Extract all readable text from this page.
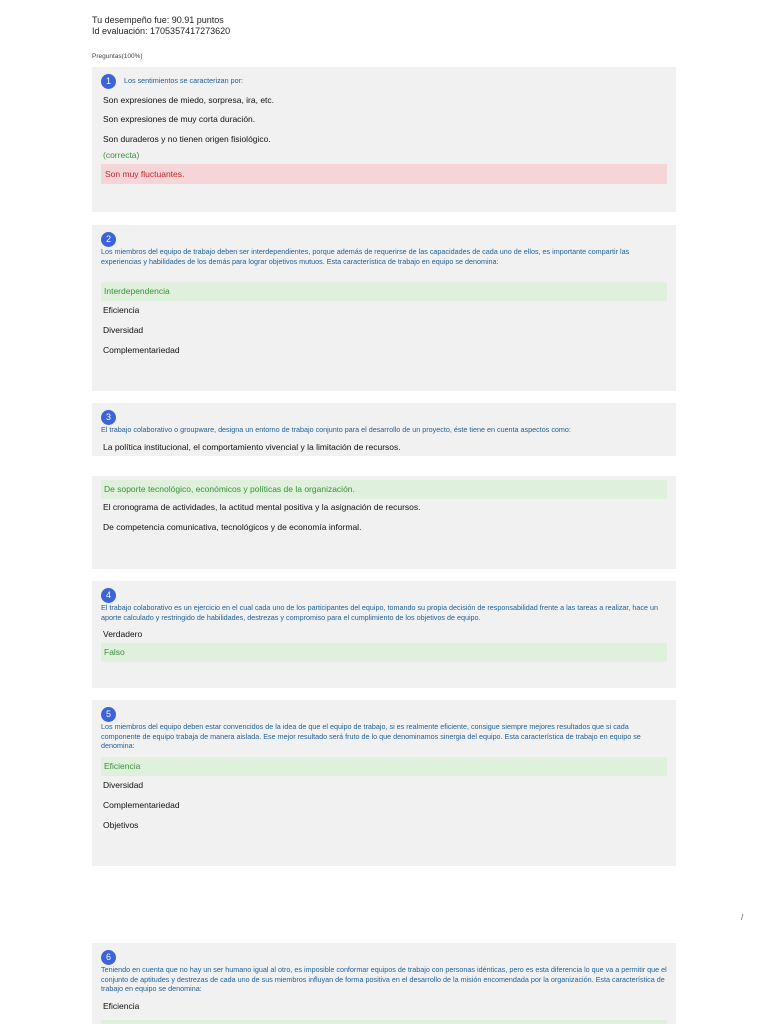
Tu desempeño fue: 90.91 puntos
Id evaluación: 1705357417273620
Preguntas(100%)
1	Los sentimientos se caracterizan por:
Son expresiones de miedo, sorpresa, ira, etc.
Son expresiones de muy corta duración.
Son duraderos y no tienen origen fisiológico.
(correcta)
Son muy fluctuantes.
2
Los miembros del equipo de trabajo deben ser interdependientes, porque además de requerirse de las capacidades de cada uno de ellos, es importante compartir las experiencias y habilidades de los demás para lograr objetivos mutuos. Esta característica de trabajo en equipo se denomina:
Interdependencia
Eficiencia
Diversidad
Complementariedad
3
El trabajo colaborativo o groupware, designa un entorno de trabajo conjunto para el desarrollo de un proyecto, éste tiene en cuenta aspectos como:
La política institucional, el comportamiento vivencial y la limitación de recursos.
De soporte tecnológico, económicos y políticas de la organización.
El cronograma de actividades, la actitud mental positiva y la asignación de recursos.
De competencia comunicativa, tecnológicos y de economía informal.
4
El trabajo colaborativo es un ejercicio en el cual cada uno de los participantes del equipo, tomando su propia decisión de responsabilidad frente a las tareas a realizar, hace un aporte calculado y restringido de habilidades, destrezas y compromiso para el cumplimiento de los objetivos de equipo.
Verdadero
Falso
5
Los miembros del equipo deben estar convencidos de la idea de que el equipo de trabajo, si es realmente eficiente, consigue siempre mejores resultados que si cada componente de equipo trabaja de manera aislada. Ese mejor resultado será fruto de lo que denominamos sinergia del equipo. Esta característica de trabajo en equipo se denomina:
Eficiencia
Diversidad
Complementariedad
Objetivos
/
6
Teniendo en cuenta que no hay un ser humano igual al otro, es imposible conformar equipos de trabajo con personas idénticas, pero es esta diferencia lo que va a permitir que el conjunto de aptitudes y destrezas de cada uno de sus miembros influyan de forma positiva en el desarrollo de la misión encomendada por la organización. Esta característica de trabajo en equipo se denomina:
Eficiencia
